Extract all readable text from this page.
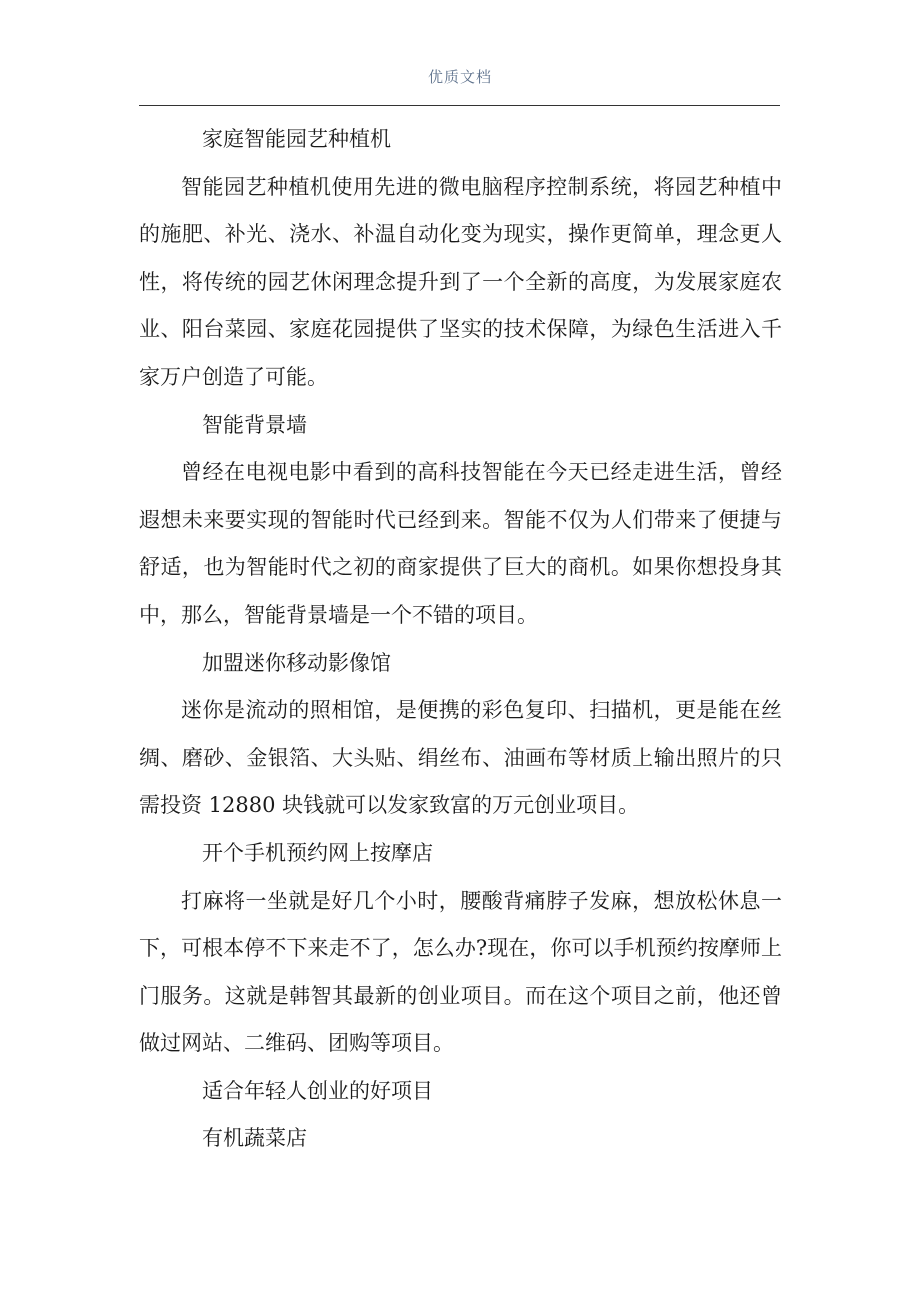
优质文档

家庭智能园艺种植机

智能园艺种植机使用先进的微电脑程序控制系统，将园艺种植中的施肥、补光、浇水、补温自动化变为现实，操作更简单，理念更人性，将传统的园艺休闲理念提升到了一个全新的高度，为发展家庭农业、阳台菜园、家庭花园提供了坚实的技术保障，为绿色生活进入千家万户创造了可能。

智能背景墙

曾经在电视电影中看到的高科技智能在今天已经走进生活，曾经遐想未来要实现的智能时代已经到来。智能不仅为人们带来了便捷与舒适，也为智能时代之初的商家提供了巨大的商机。如果你想投身其中，那么，智能背景墙是一个不错的项目。

加盟迷你移动影像馆

迷你是流动的照相馆，是便携的彩色复印、扫描机，更是能在丝绸、磨砂、金银箔、大头贴、绢丝布、油画布等材质上输出照片的只需投资 12880 块钱就可以发家致富的万元创业项目。

开个手机预约网上按摩店

打麻将一坐就是好几个小时，腰酸背痛脖子发麻，想放松休息一下，可根本停不下来走不了，怎么办?现在，你可以手机预约按摩师上门服务。这就是韩智其最新的创业项目。而在这个项目之前，他还曾做过网站、二维码、团购等项目。

适合年轻人创业的好项目

有机蔬菜店
